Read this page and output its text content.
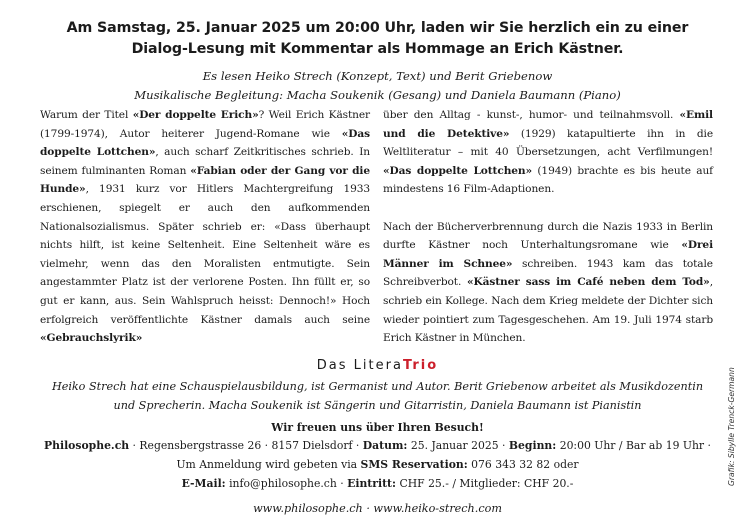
Am Samstag, 25. Januar 2025 um 20:00 Uhr, laden wir Sie herzlich ein zu einer
Dialog-Lesung mit Kommentar als Hommage an Erich Kästner.
Es lesen Heiko Strech (Konzept, Text) und Berit Griebenow
Musikalische Begleitung: Macha Soukenik (Gesang) und Daniela Baumann (Piano)

Warum der Titel «Der doppelte Erich»? Weil Erich Kästner (1799-1974), Autor heiterer Jugend-Romane wie «Das doppelte Lottchen», auch scharf Zeitkritisches schrieb. In seinem fulminanten Roman «Fabian oder der Gang vor die Hunde», 1931 kurz vor Hitlers Machtergreifung 1933 erschienen, spiegelt er auch den aufkommenden Nationalsozialismus. Später schrieb er: «Dass überhaupt nichts hilft, ist keine Seltenheit. Eine Seltenheit wäre es vielmehr, wenn das den Moralisten entmutigte. Sein angestammter Platz ist der verlorene Posten. Ihn füllt er, so gut er kann, aus. Sein Wahlspruch heisst: Dennoch!» Hoch erfolgreich veröffentlichte Kästner damals auch seine «Gebrauchslyrik»

über den Alltag - kunst-, humor- und teilnahmsvoll. «Emil und die Detektive» (1929) katapultierte ihn in die Weltliteratur – mit 40 Übersetzungen, acht Verfilmungen! «Das doppelte Lottchen» (1949) brachte es bis heute auf mindestens 16 Film-Adaptionen.

Nach der Bücherverbrennung durch die Nazis 1933 in Berlin durfte Kästner noch Unterhaltungsromane wie «Drei Männer im Schnee» schreiben. 1943 kam das totale Schreibverbot. «Kästner sass im Café neben dem Tod», schrieb ein Kollege. Nach dem Krieg meldete der Dichter sich wieder pointiert zum Tagesgeschehen. Am 19. Juli 1974 starb Erich Kästner in München.

Das LiteraTrio
Heiko Strech hat eine Schauspielausbildung, ist Germanist und Autor. Berit Griebenow arbeitet als Musikdozentin und Sprecherin. Macha Soukenik ist Sängerin und Gitarristin, Daniela Baumann ist Pianistin
Wir freuen uns über Ihren Besuch!
Philosophe.ch · Regensbergstrasse 26 · 8157 Dielsdorf · Datum: 25. Januar 2025 · Beginn: 20:00 Uhr / Bar ab 19 Uhr · Um Anmeldung wird gebeten via SMS Reservation: 076 343 32 82 oder
E-Mail: info@philosophe.ch · Eintritt: CHF 25.- / Mitglieder: CHF 20.-
www.philosophe.ch · www.heiko-strech.com
Grafik: Sibylle Trenck-Germann
